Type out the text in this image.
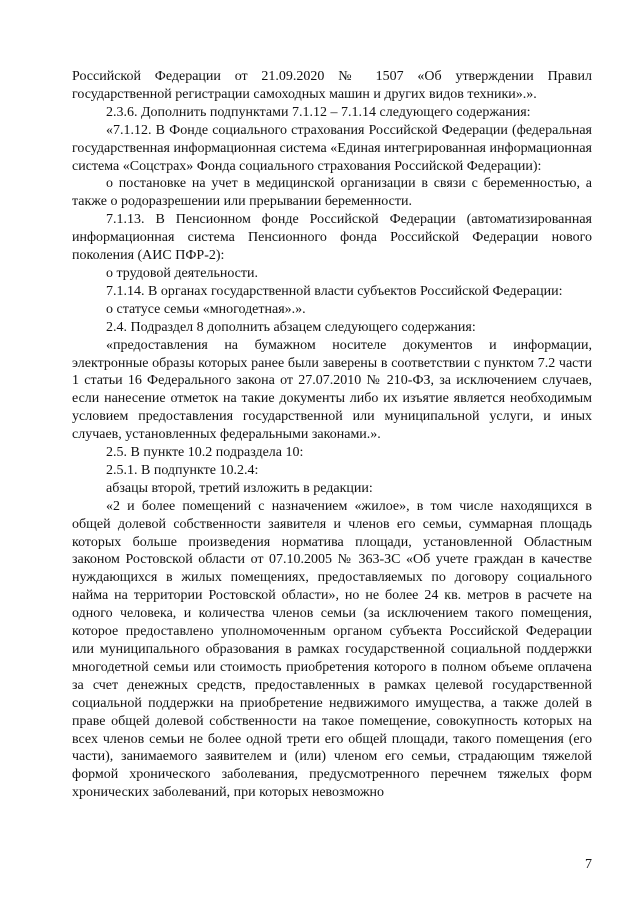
Российской Федерации от 21.09.2020 № 1507 «Об утверждении Правил государственной регистрации самоходных машин и других видов техники».».

2.3.6. Дополнить подпунктами 7.1.12 – 7.1.14 следующего содержания:

«7.1.12. В Фонде социального страхования Российской Федерации (федеральная государственная информационная система «Единая интегрированная информационная система «Соцстрах» Фонда социального страхования Российской Федерации):

о постановке на учет в медицинской организации в связи с беременностью, а также о родоразрешении или прерывании беременности.

7.1.13. В Пенсионном фонде Российской Федерации (автоматизированная информационная система Пенсионного фонда Российской Федерации нового поколения (АИС ПФР-2):

о трудовой деятельности.

7.1.14. В органах государственной власти субъектов Российской Федерации:

о статусе семьи «многодетная».».

2.4. Подраздел 8 дополнить абзацем следующего содержания:

«предоставления на бумажном носителе документов и информации, электронные образы которых ранее были заверены в соответствии с пунктом 7.2 части 1 статьи 16 Федерального закона от 27.07.2010 № 210-ФЗ, за исключением случаев, если нанесение отметок на такие документы либо их изъятие является необходимым условием предоставления государственной или муниципальной услуги, и иных случаев, установленных федеральными законами.».

2.5. В пункте 10.2 подраздела 10:

2.5.1. В подпункте 10.2.4:

абзацы второй, третий изложить в редакции:

«2 и более помещений с назначением «жилое», в том числе находящихся в общей долевой собственности заявителя и членов его семьи, суммарная площадь которых больше произведения норматива площади, установленной Областным законом Ростовской области от 07.10.2005 № 363-ЗС «Об учете граждан в качестве нуждающихся в жилых помещениях, предоставляемых по договору социального найма на территории Ростовской области», но не более 24 кв. метров в расчете на одного человека, и количества членов семьи (за исключением такого помещения, которое предоставлено уполномоченным органом субъекта Российской Федерации или муниципального образования в рамках государственной социальной поддержки многодетной семьи или стоимость приобретения которого в полном объеме оплачена за счет денежных средств, предоставленных в рамках целевой государственной социальной поддержки на приобретение недвижимого имущества, а также долей в праве общей долевой собственности на такое помещение, совокупность которых на всех членов семьи не более одной трети его общей площади, такого помещения (его части), занимаемого заявителем и (или) членом его семьи, страдающим тяжелой формой хронического заболевания, предусмотренного перечнем тяжелых форм хронических заболеваний, при которых невозможно

7
